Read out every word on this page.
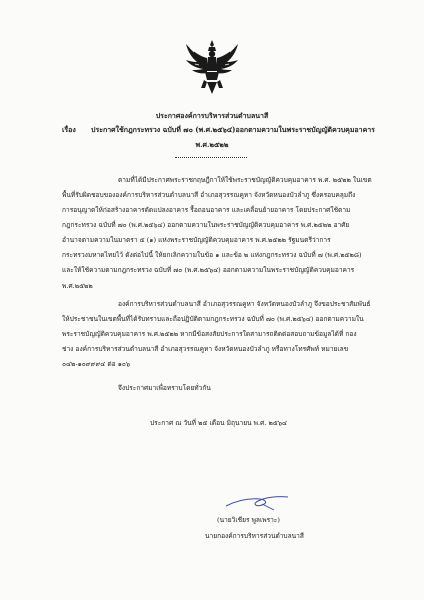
ประกาศองค์การบริหารส่วนตำบลนาสี
เรื่อง ประกาศใช้กฎกระทรวง ฉบับที่ ๗๐ (พ.ศ.๒๕๖๔)ออกตามความในพระราชบัญญัติควบคุมอาคาร
พ.ศ.๒๕๒๒
ตามที่ได้มีประกาศพระราชกฤษฎีกาให้ใช้พระราชบัญญัติควบคุมอาคาร พ.ศ. ๒๕๒๒ ในเขต
พื้นที่รับผิดชอบขององค์การบริหารส่วนตำบลนาสี อำเภอสุวรรณคูหา จังหวัดหนองบัวลำภู ซึ่งครอบคลุมถึง
การอนุญาตให้ก่อสร้างอาคารดัดแปลงอาคาร รื้อถอนอาคาร และเคลื่อนย้ายอาคาร โดยประกาศใช้ตาม
กฎกระทรวง ฉบับที่ ๗๐ (พ.ศ.๒๕๖๔) ออกตามความในพระราชบัญญัติควบคุมอาคาร พ.ศ.๒๕๒๒ อาศัย
อำนาจตามความในมาตรา ๕ (๑) แห่งพระราชบัญญัติควบคุมอาคาร พ.ศ.๒๕๒๒ รัฐมนตรีว่าการ
กระทรวงมหาดไทยไว้ ดังต่อไปนี้ ให้ยกเลิกความในข้อ ๑ และข้อ ๒ แห่งกฎกระทรวง ฉบับที่ ๗ (พ.ศ.๒๕๒๘)
และให้ใช้ความตามกฎกระทรวง ฉบับที่ ๗๐ (พ.ศ.๒๕๖๔) ออกตามความในพระราชบัญญัติควบคุมอาคาร
พ.ศ.๒๕๒๒
องค์การบริหารส่วนตำบลนาสี อำเภอสุวรรณคูหา จังหวัดหนองบัวลำภู จึงขอประชาสัมพันธ์
ให้ประชาชนในเขตพื้นที่ได้รับทราบและถือปฏิบัติตามกฎกระทรวง ฉบับที่ ๗๐ (พ.ศ.๒๕๖๔) ออกตามความใน
พระราชบัญญัติควบคุมอาคาร พ.ศ.๒๕๒๒ หากมีข้อสงสัยประการใดสามารถติดต่อสอบถามข้อมูลได้ที่ กอง
ช่าง องค์การบริหารส่วนตำบลนาสี อำเภอสุวรรณคูหา จังหวัดหนองบัวลำภู หรือทางโทรศัพท์ หมายเลข
๐๔๒-๑๐๙๙๙๔ ต่อ ๑๐๖
จึงประกาศมาเพื่อทราบโดยทั่วกัน
ประกาศ ณ วันที่ ๒๕ เดือน มิถุนายน พ.ศ. ๒๕๖๔
(นายวิเชียร พูลเพราะ)
นายกองค์การบริหารส่วนตำบลนาสี
